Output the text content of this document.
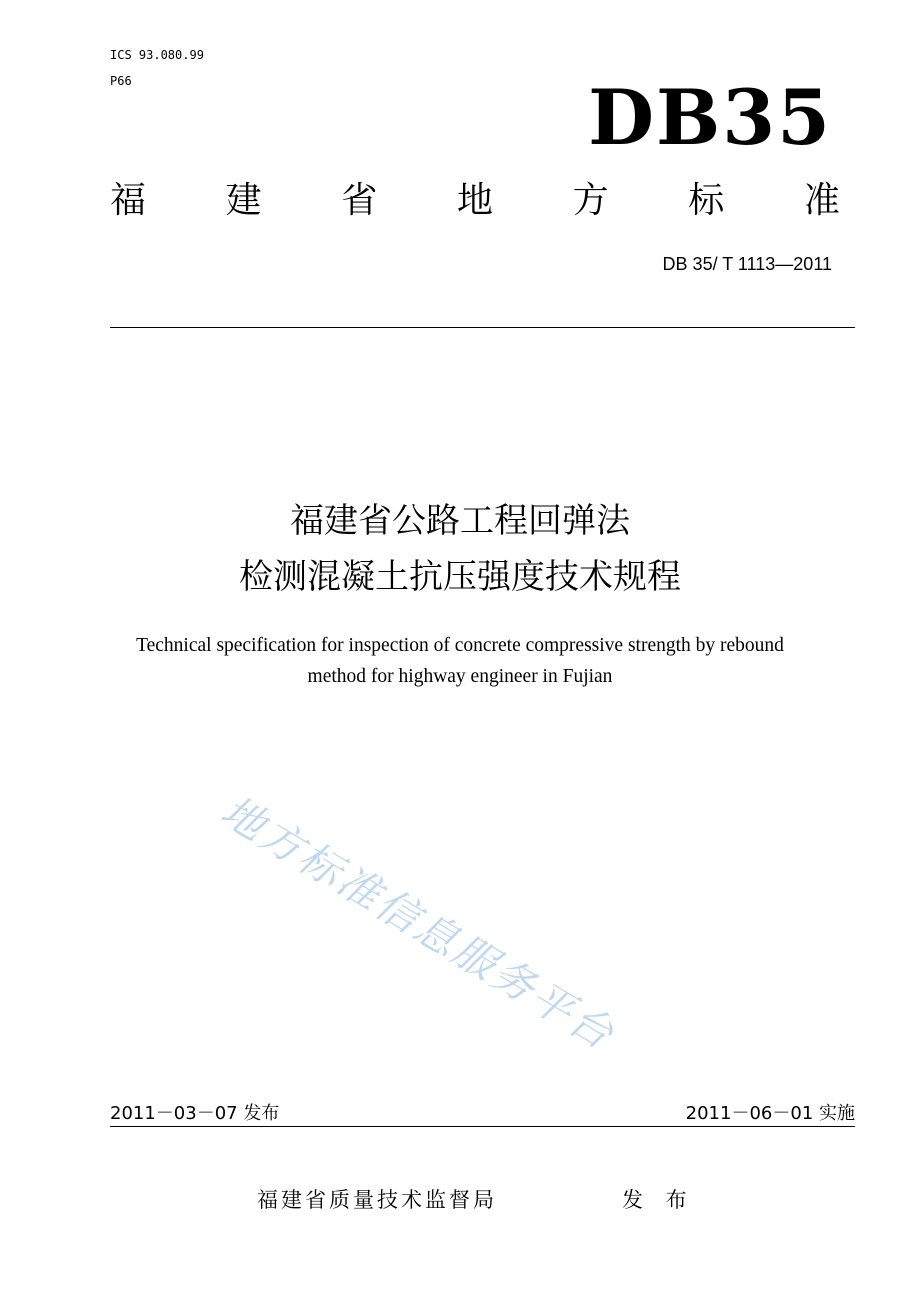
ICS 93.080.99
P66	DB35
福 建 省 地 方 标 准
DB 35/ T 1113—2011
福建省公路工程回弹法
检测混凝土抗压强度技术规程
Technical specification for inspection of concrete compressive strength by rebound
method for highway engineer in Fujian
地方标准信息服务平台
2011－03－07 发布	2011－06－01 实施
福建省质量技术监督局	发 布
